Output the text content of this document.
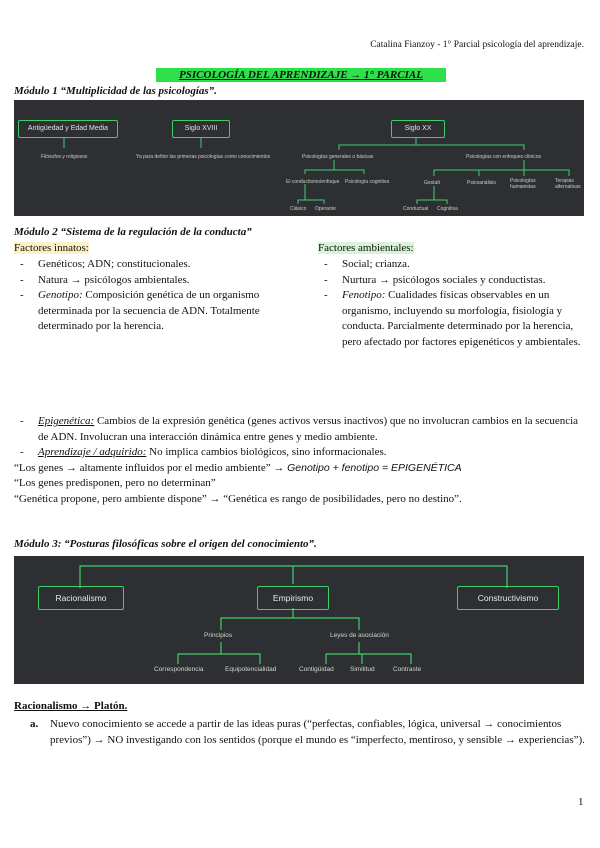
Catalina Fianzoy - 1° Parcial psicología del aprendizaje.
PSICOLOGÍA DEL APRENDIZAJE → 1° PARCIAL
Módulo 1 “Multiplicidad de las psicologías”.
Antigüedad y Edad Media	Siglo XVIII	Siglo XX
Filósofos y religiosos	Ya para definir las primeras psicologías como conocimientos	Psicologías generales o básicas	Psicologías con enfoques clínicos
El conductismo/enfoque Psicología cognitiva	Gestalt	Psicoanálisis	Psicologías humanistas
Terapias alternativas
Clásico Operante	Conductual Cognitiva
Módulo 2 “Sistema de la regulación de la conducta”
Factores innatos:
- Genéticos; ADN; constitucionales.
- Natura → psicólogos ambientales.
- Genotipo: Composición genética de un organismo determinada por la secuencia de ADN. Totalmente determinado por la herencia.
Factores ambientales:
- Social; crianza.
- Nurtura → psicólogos sociales y conductistas.
- Fenotipo: Cualidades físicas observables en un organismo, incluyendo su morfología, fisiología y conducta. Parcialmente determinado por la herencia, pero afectado por factores epigenéticos y ambientales.
- Epigenética: Cambios de la expresión genética (genes activos versus inactivos) que no involucran cambios en la secuencia de ADN. Involucran una interacción dinámica entre genes y medio ambiente.
- Aprendizaje / adquirido: No implica cambios biológicos, sino informacionales.
“Los genes → altamente influidos por el medio ambiente” → Genotipo + fenotipo = EPIGENÉTICA
“Los genes predisponen, pero no determinan”
“Genética propone, pero ambiente dispone” → “Genética es rango de posibilidades, pero no destino”.
Módulo 3: “Posturas filosóficas sobre el origen del conocimiento”.
Racionalismo	Empirismo	Constructivismo
Principios	Leyes de asociación
Correspondencia	Equipotencialidad	Contigüidad	Similitud	Contraste
Racionalismo → Platón.
a. Nuevo conocimiento se accede a partir de las ideas puras (“perfectas, confiables, lógica, universal → conocimientos previos”) → NO investigando con los sentidos (porque el mundo es “imperfecto, mentiroso, y sensible → experiencias”).
1
